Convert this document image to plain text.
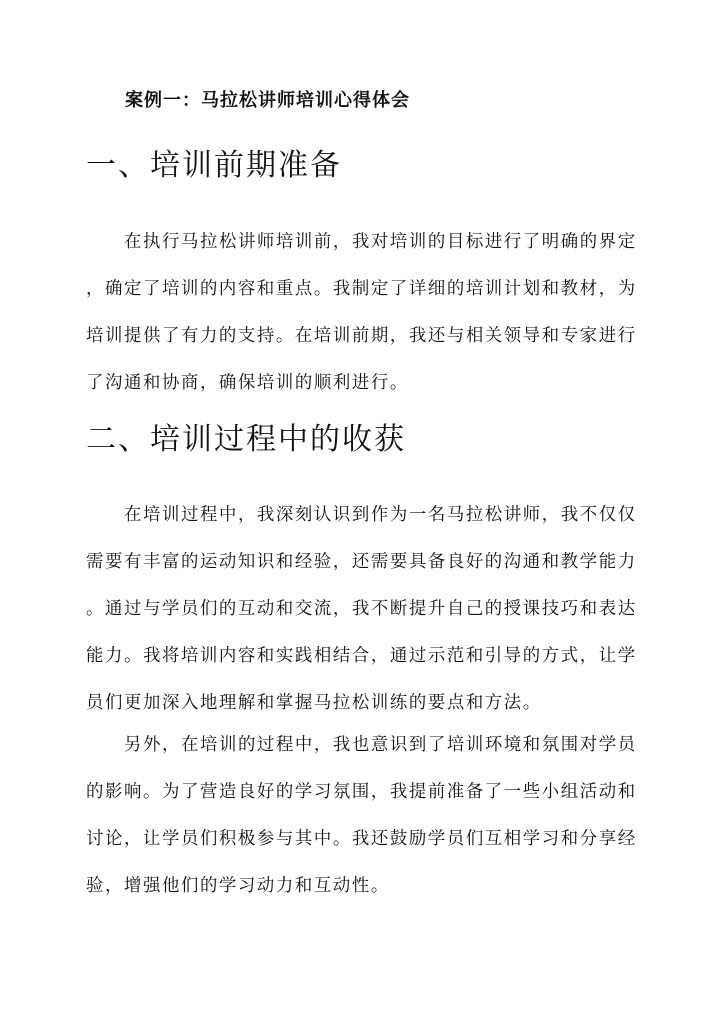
案例一：马拉松讲师培训心得体会
一、培训前期准备
在执行马拉松讲师培训前，我对培训的目标进行了明确的界定
，确定了培训的内容和重点。我制定了详细的培训计划和教材，为
培训提供了有力的支持。在培训前期，我还与相关领导和专家进行
了沟通和协商，确保培训的顺利进行。
二、培训过程中的收获
在培训过程中，我深刻认识到作为一名马拉松讲师，我不仅仅
需要有丰富的运动知识和经验，还需要具备良好的沟通和教学能力
。通过与学员们的互动和交流，我不断提升自己的授课技巧和表达
能力。我将培训内容和实践相结合，通过示范和引导的方式，让学
员们更加深入地理解和掌握马拉松训练的要点和方法。
另外，在培训的过程中，我也意识到了培训环境和氛围对学员
的影响。为了营造良好的学习氛围，我提前准备了一些小组活动和
讨论，让学员们积极参与其中。我还鼓励学员们互相学习和分享经
验，增强他们的学习动力和互动性。
